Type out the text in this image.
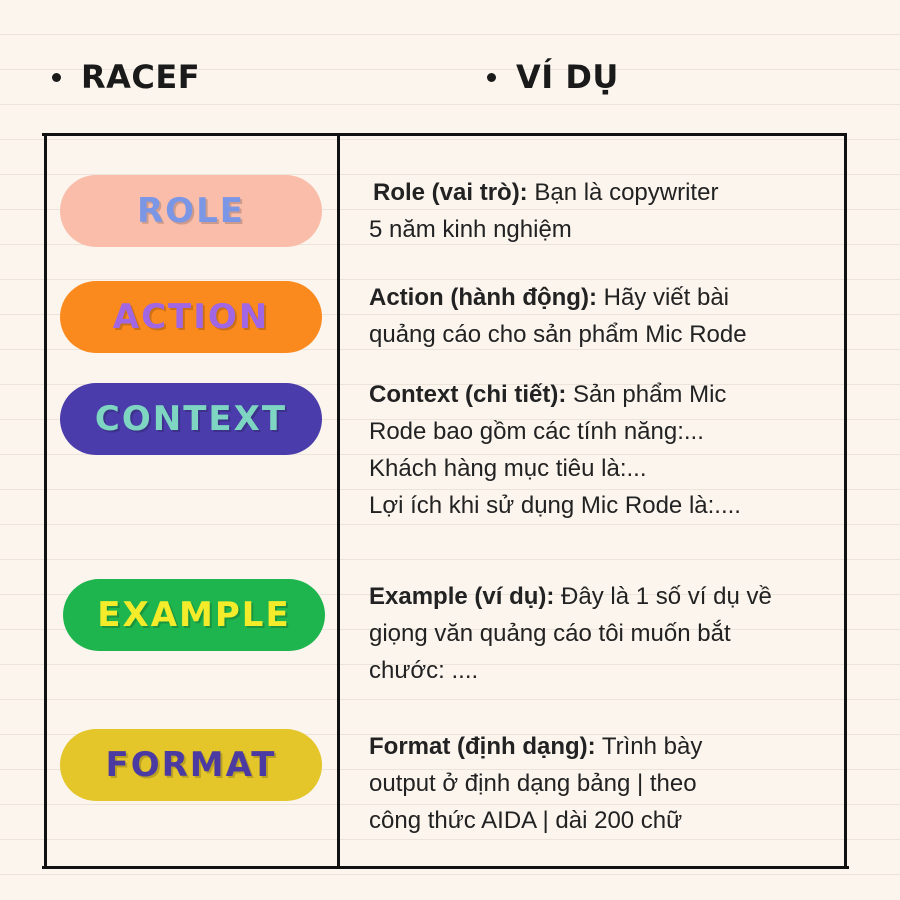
RACEF	VÍ DỤ
ROLE
ACTION
CONTEXT
EXAMPLE
FORMAT
Role (vai trò): Bạn là copywriter
5 năm kinh nghiệm
Action (hành động): Hãy viết bài
quảng cáo cho sản phẩm Mic Rode
Context (chi tiết): Sản phẩm Mic
Rode bao gồm các tính năng:...
Khách hàng mục tiêu là:...
Lợi ích khi sử dụng Mic Rode là:....
Example (ví dụ): Đây là 1 số ví dụ về
giọng văn quảng cáo tôi muốn bắt
chước: ....
Format (định dạng): Trình bày
output ở định dạng bảng | theo
công thức AIDA | dài 200 chữ
